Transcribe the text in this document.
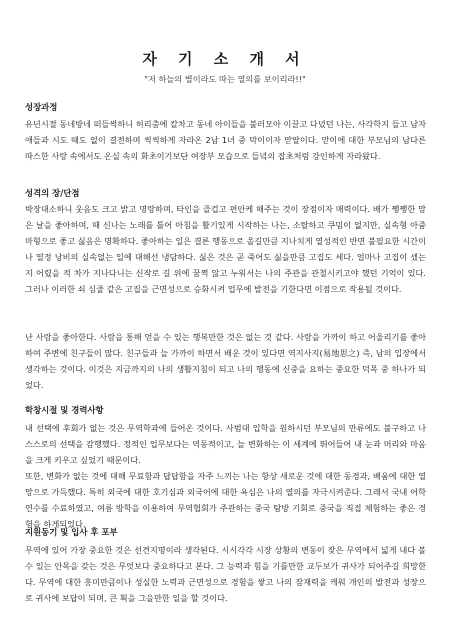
자 기 소 개 서
"저 하늘의 별이라도 따는 열의를 보이리라!!"
성장과정
유년시절 동네방네 떠들썩하니 허리춤에 칼차고 동네 아이들을 불러모아 이끌고 다녔던 나는, 사각학지 들고 남자애들과 시도 때도 없이 결전하며 씩씩하게 자라온 2남 1녀 중 막이이자 맏딸이다. 맏이에 대한 부모님의 남다른 따스한 사랑 속에서도 온실 속의 화초이기보단 여장부 모습으로 들녘의 잡초처럼 강인하게 자라왔다.
성격의 장/단점
박장대소하니 웃음도 크고 밝고 명랑하며, 타인을 즐겁고 편안케 해주는 것이 장점이자 매력이다. 배가 쨍쨍한 맘은 날을 좋아하며, 때 신나는 노래를 틀어 아침을 활기있게 시작하는 나는, 소탈하고 쿠밈이 없지만, 실속형 아줌마형으로 좋고 싫음은 명확하다. 좋아하는 일은 결론 행동으로 올길만큼 지나치게 열성적인 반면 불필요한 시간이나 열정 낭비의 실속없는 일에 대해선 냉담하다. 싫은 것은 곧 죽어도 싫을만큼 고집도 세다. 얼마나 고집이 셌는지 어렸을 적 차가 지나다니는 신작로 길 위에 꿈쩍 않고 누워서는 나의 주관을 관철시키고야 했던 기억이 있다. 그러나 이러한 쇠 심줄 같은 고집을 근면성으로 승화시켜 업무에 발전을 기한다면 이점으로 작용될 것이다.
난 사람을 좋아한다. 사람을 통해 얻을 수 있는 행복만한 것은 없는 것 같다. 사람을 가까이 하고 어울리기를 좋아하여 주변에 친구들이 많다. 친구들과 늘 가까이 하면서 배운 것이 있다면 역지사지(易地思之) 즉, 남의 입장에서 생각하는 것이다. 이것은 지금까지의 나의 생활지침이 되고 나의 행동에 신중을 요하는 중요한 덕목 중 하나가 되었다.
학창시절 및 경력사항
내 선택에 후회가 없는 것은 무역학과에 들어온 것이다. 사범대 입학을 원하시던 부모님의 만류에도 불구하고 나 스스로의 선택을 감행했다. 정적인 업무보다는 역동적이고, 늘 변화하는 이 세계에 뛰어들어 내 눈과 머리와 마음을 크게 키우고 싶었기 때문이다.
또한, 변화가 없는 것에 대해 무료함과 답답함을 자주 느끼는 나는 항상 새로운 것에 대한 동경과, 배움에 대한 열망으로 가득했다. 특히 외국에 대한 호기심과 외국어에 대한 욕심은 나의 열의를 자극시켜준다. 그래서 국내 어학 연수를 수료하였고, 여름 방학을 이용하여 무역협회가 주관하는 중국 탐방 기회로 중국을 직접 체험하는 좋은 경험을 하게되었다.
지원동기 및 입사 후 포부
무역에 있어 가장 중요한 것은 선견지명이라 생각된다. 시시각각 시장 상황의 변동이 잦은 무역에서 넓게 내다 볼 수 있는 안목을 갖는 것은 무엇보다 중요하다고 본다. 그 능력과 힘을 기를만한 교두보가 귀사가 되어주길 희망한다. 무역에 대한 흥미만큼이나 성실한 노력과 근면성으로 경험을 쌓고 나의 잠재력을 캐워 개인의 발전과 성장으로 귀사에 보답이 되며, 큰 획을 그을만한 일을 할 것이다.
